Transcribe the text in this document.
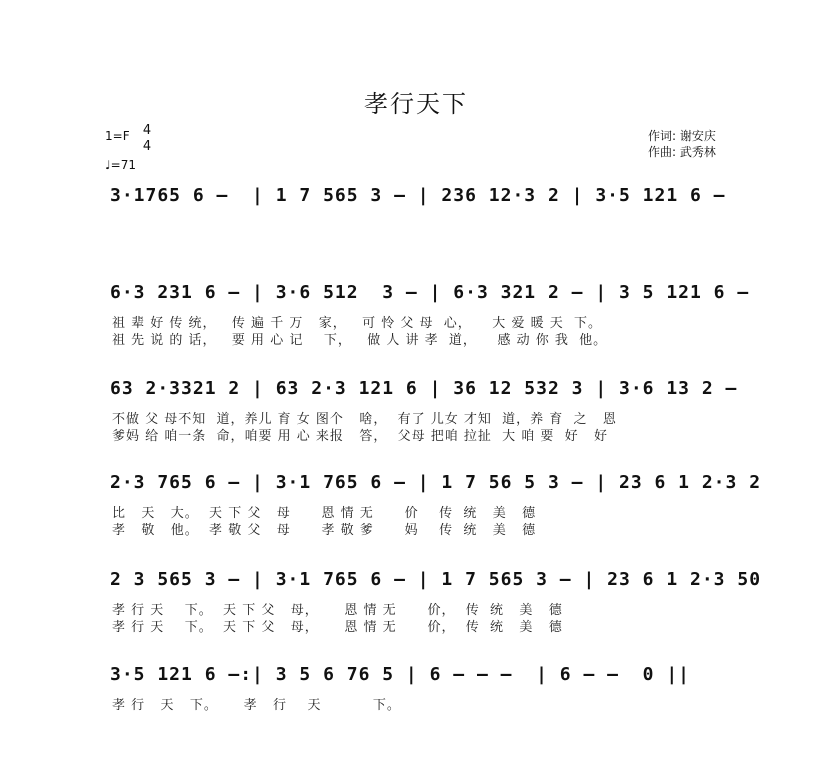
孝行天下
1=F 4
4
♩=71
作词: 谢安庆
作曲: 武秀林
3·1765 6 –  | 1 7 565 3 – | 236 12·3 2 | 3·5 121 6 –
6·3 231 6 – | 3·6 512  3 – | 6·3 321 2 – | 3 5 121 6 –
祖 辈 好 传 统，   传 遍 千 万   家，   可 怜 父 母  心，    大 爱 暖 天  下。
祖 先 说 的 话，   要 用 心 记    下，   做 人 讲 孝  道，    感 动 你 我  他。
63 2·3321 2 | 63 2·3 121 6 | 36 12 532 3 | 3·6 13 2 –
不做 父 母不知  道，养儿 育 女 图个   啥，  有了 儿女 才知  道，养 育  之   恩
爹妈 给 咱一条  命，咱要 用 心 来报   答，  父母 把咱 拉扯  大 咱 要  好   好
2·3 765 6 – | 3·1 765 6 – | 1 7 56 5 3 – | 23 6 1 2·3 2
比   天   大。  天 下 父   母      恩 情 无      价    传  统   美   德
孝   敬   他。  孝 敬 父   母      孝 敬 爹      妈    传  统   美   德
2 3 565 3 – | 3·1 765 6 – | 1 7 565 3 – | 23 6 1 2·3 50
孝 行 天    下。  天 下 父   母，     恩 情 无      价，  传  统   美   德
孝 行 天    下。  天 下 父   母，     恩 情 无      价，  传  统   美   德
3·5 121 6 –:| 3 5 6 76 5 | 6 – – –  | 6 – –  0 ||
孝 行   天   下。     孝   行    天          下。
